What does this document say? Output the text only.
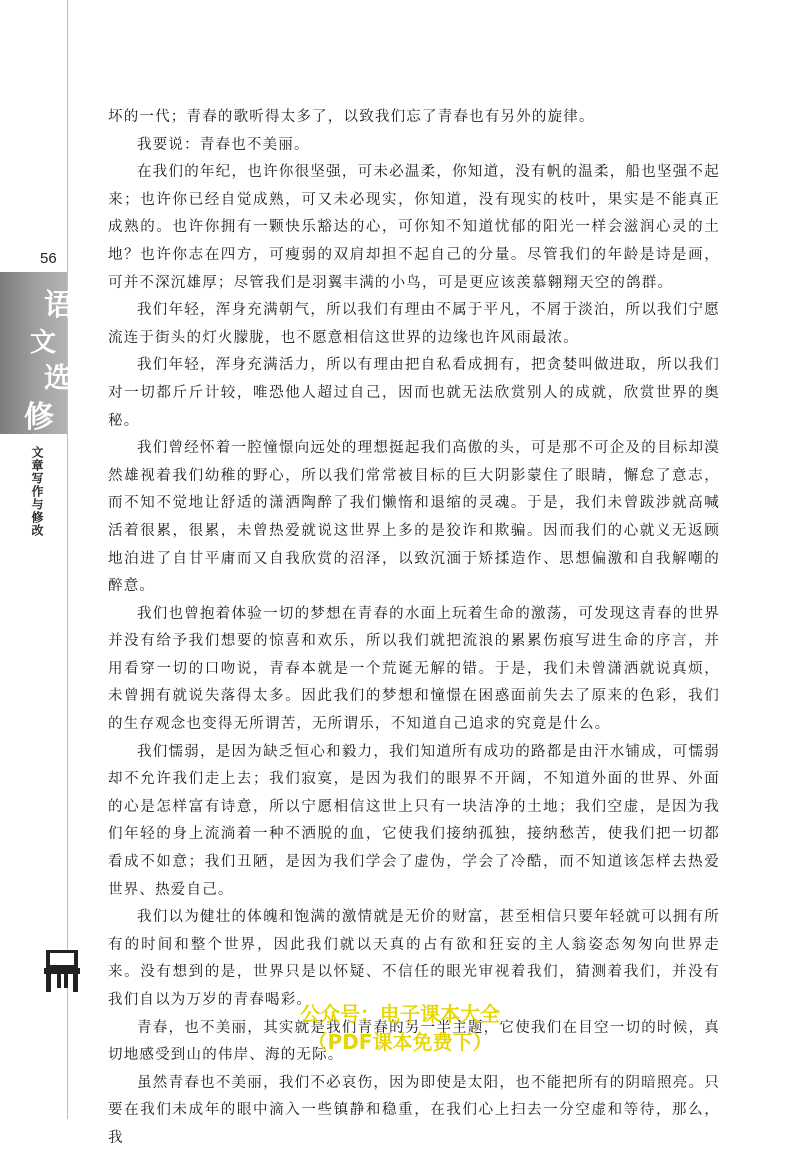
56
语
文
选
修
文章写作与修改

坏的一代；青春的歌听得太多了，以致我们忘了青春也有另外的旋律。

我要说：青春也不美丽。

在我们的年纪，也许你很坚强，可未必温柔，你知道，没有帆的温柔，船也坚强不起来；也许你已经自觉成熟，可又未必现实，你知道，没有现实的枝叶，果实是不能真正成熟的。也许你拥有一颗快乐豁达的心，可你知不知道忧郁的阳光一样会滋润心灵的土地？也许你志在四方，可瘦弱的双肩却担不起自己的分量。尽管我们的年龄是诗是画，可并不深沉雄厚；尽管我们是羽翼丰满的小鸟，可是更应该羡慕翱翔天空的鸽群。

我们年轻，浑身充满朝气，所以我们有理由不属于平凡，不屑于淡泊，所以我们宁愿流连于街头的灯火朦胧，也不愿意相信这世界的边缘也许风雨最浓。

我们年轻，浑身充满活力，所以有理由把自私看成拥有，把贪婪叫做进取，所以我们对一切都斤斤计较，唯恐他人超过自己，因而也就无法欣赏别人的成就，欣赏世界的奥秘。

我们曾经怀着一腔憧憬向远处的理想挺起我们高傲的头，可是那不可企及的目标却漠然雄视着我们幼稚的野心，所以我们常常被目标的巨大阴影蒙住了眼睛，懈怠了意志，而不知不觉地让舒适的潇洒陶醉了我们懒惰和退缩的灵魂。于是，我们未曾跋涉就高喊活着很累，很累，未曾热爱就说这世界上多的是狡诈和欺骗。因而我们的心就义无返顾地泊进了自甘平庸而又自我欣赏的沼泽，以致沉湎于矫揉造作、思想偏激和自我解嘲的醉意。

我们也曾抱着体验一切的梦想在青春的水面上玩着生命的激荡，可发现这青春的世界并没有给予我们想要的惊喜和欢乐，所以我们就把流浪的累累伤痕写进生命的序言，并用看穿一切的口吻说，青春本就是一个荒诞无解的错。于是，我们未曾潇洒就说真烦，未曾拥有就说失落得太多。因此我们的梦想和憧憬在困惑面前失去了原来的色彩，我们的生存观念也变得无所谓苦，无所谓乐，不知道自己追求的究竟是什么。

我们懦弱，是因为缺乏恒心和毅力，我们知道所有成功的路都是由汗水铺成，可懦弱却不允许我们走上去；我们寂寞，是因为我们的眼界不开阔，不知道外面的世界、外面的心是怎样富有诗意，所以宁愿相信这世上只有一块洁净的土地；我们空虚，是因为我们年轻的身上流淌着一种不洒脱的血，它使我们接纳孤独，接纳愁苦，使我们把一切都看成不如意；我们丑陋，是因为我们学会了虚伪，学会了冷酷，而不知道该怎样去热爱世界、热爱自己。

我们以为健壮的体魄和饱满的激情就是无价的财富，甚至相信只要年轻就可以拥有所有的时间和整个世界，因此我们就以天真的占有欲和狂妄的主人翁姿态匆匆向世界走来。没有想到的是，世界只是以怀疑、不信任的眼光审视着我们，猜测着我们，并没有我们自以为万岁的青春喝彩。

青春，也不美丽，其实就是我们青春的另一半主题，它使我们在目空一切的时候，真切地感受到山的伟岸、海的无际。

虽然青春也不美丽，我们不必哀伤，因为即使是太阳，也不能把所有的阴暗照亮。只要在我们未成年的眼中滴入一些镇静和稳重，在我们心上扫去一分空虚和等待，那么，我

公众号：电子课本大全
（PDF课本免费下）
